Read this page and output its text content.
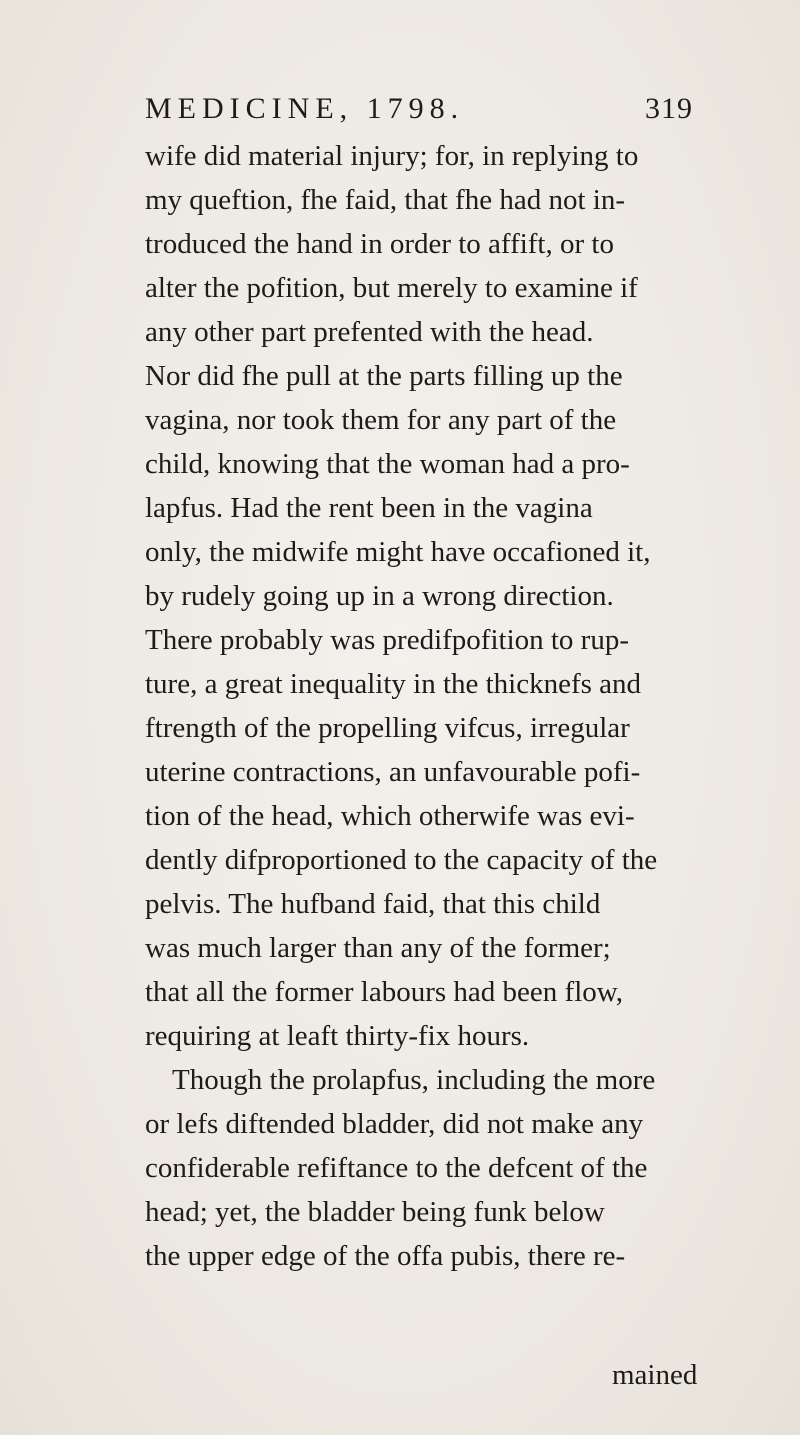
MEDICINE, 1798.	319
wife did material injury; for, in replying to
my queftion, fhe faid, that fhe had not in-
troduced the hand in order to affift, or to
alter the pofition, but merely to examine if
any other part prefented with the head.
Nor did fhe pull at the parts filling up the
vagina, nor took them for any part of the
child, knowing that the woman had a pro-
lapfus. Had the rent been in the vagina
only, the midwife might have occafioned it,
by rudely going up in a wrong direction.
There probably was predifpofition to rup-
ture, a great inequality in the thicknefs and
ftrength of the propelling vifcus, irregular
uterine contractions, an unfavourable pofi-
tion of the head, which otherwife was evi-
dently difproportioned to the capacity of the
pelvis. The hufband faid, that this child
was much larger than any of the former;
that all the former labours had been flow,
requiring at leaft thirty-fix hours.
Though the prolapfus, including the more
or lefs diftended bladder, did not make any
confiderable refiftance to the defcent of the
head; yet, the bladder being funk below
the upper edge of the offa pubis, there re-
mained
